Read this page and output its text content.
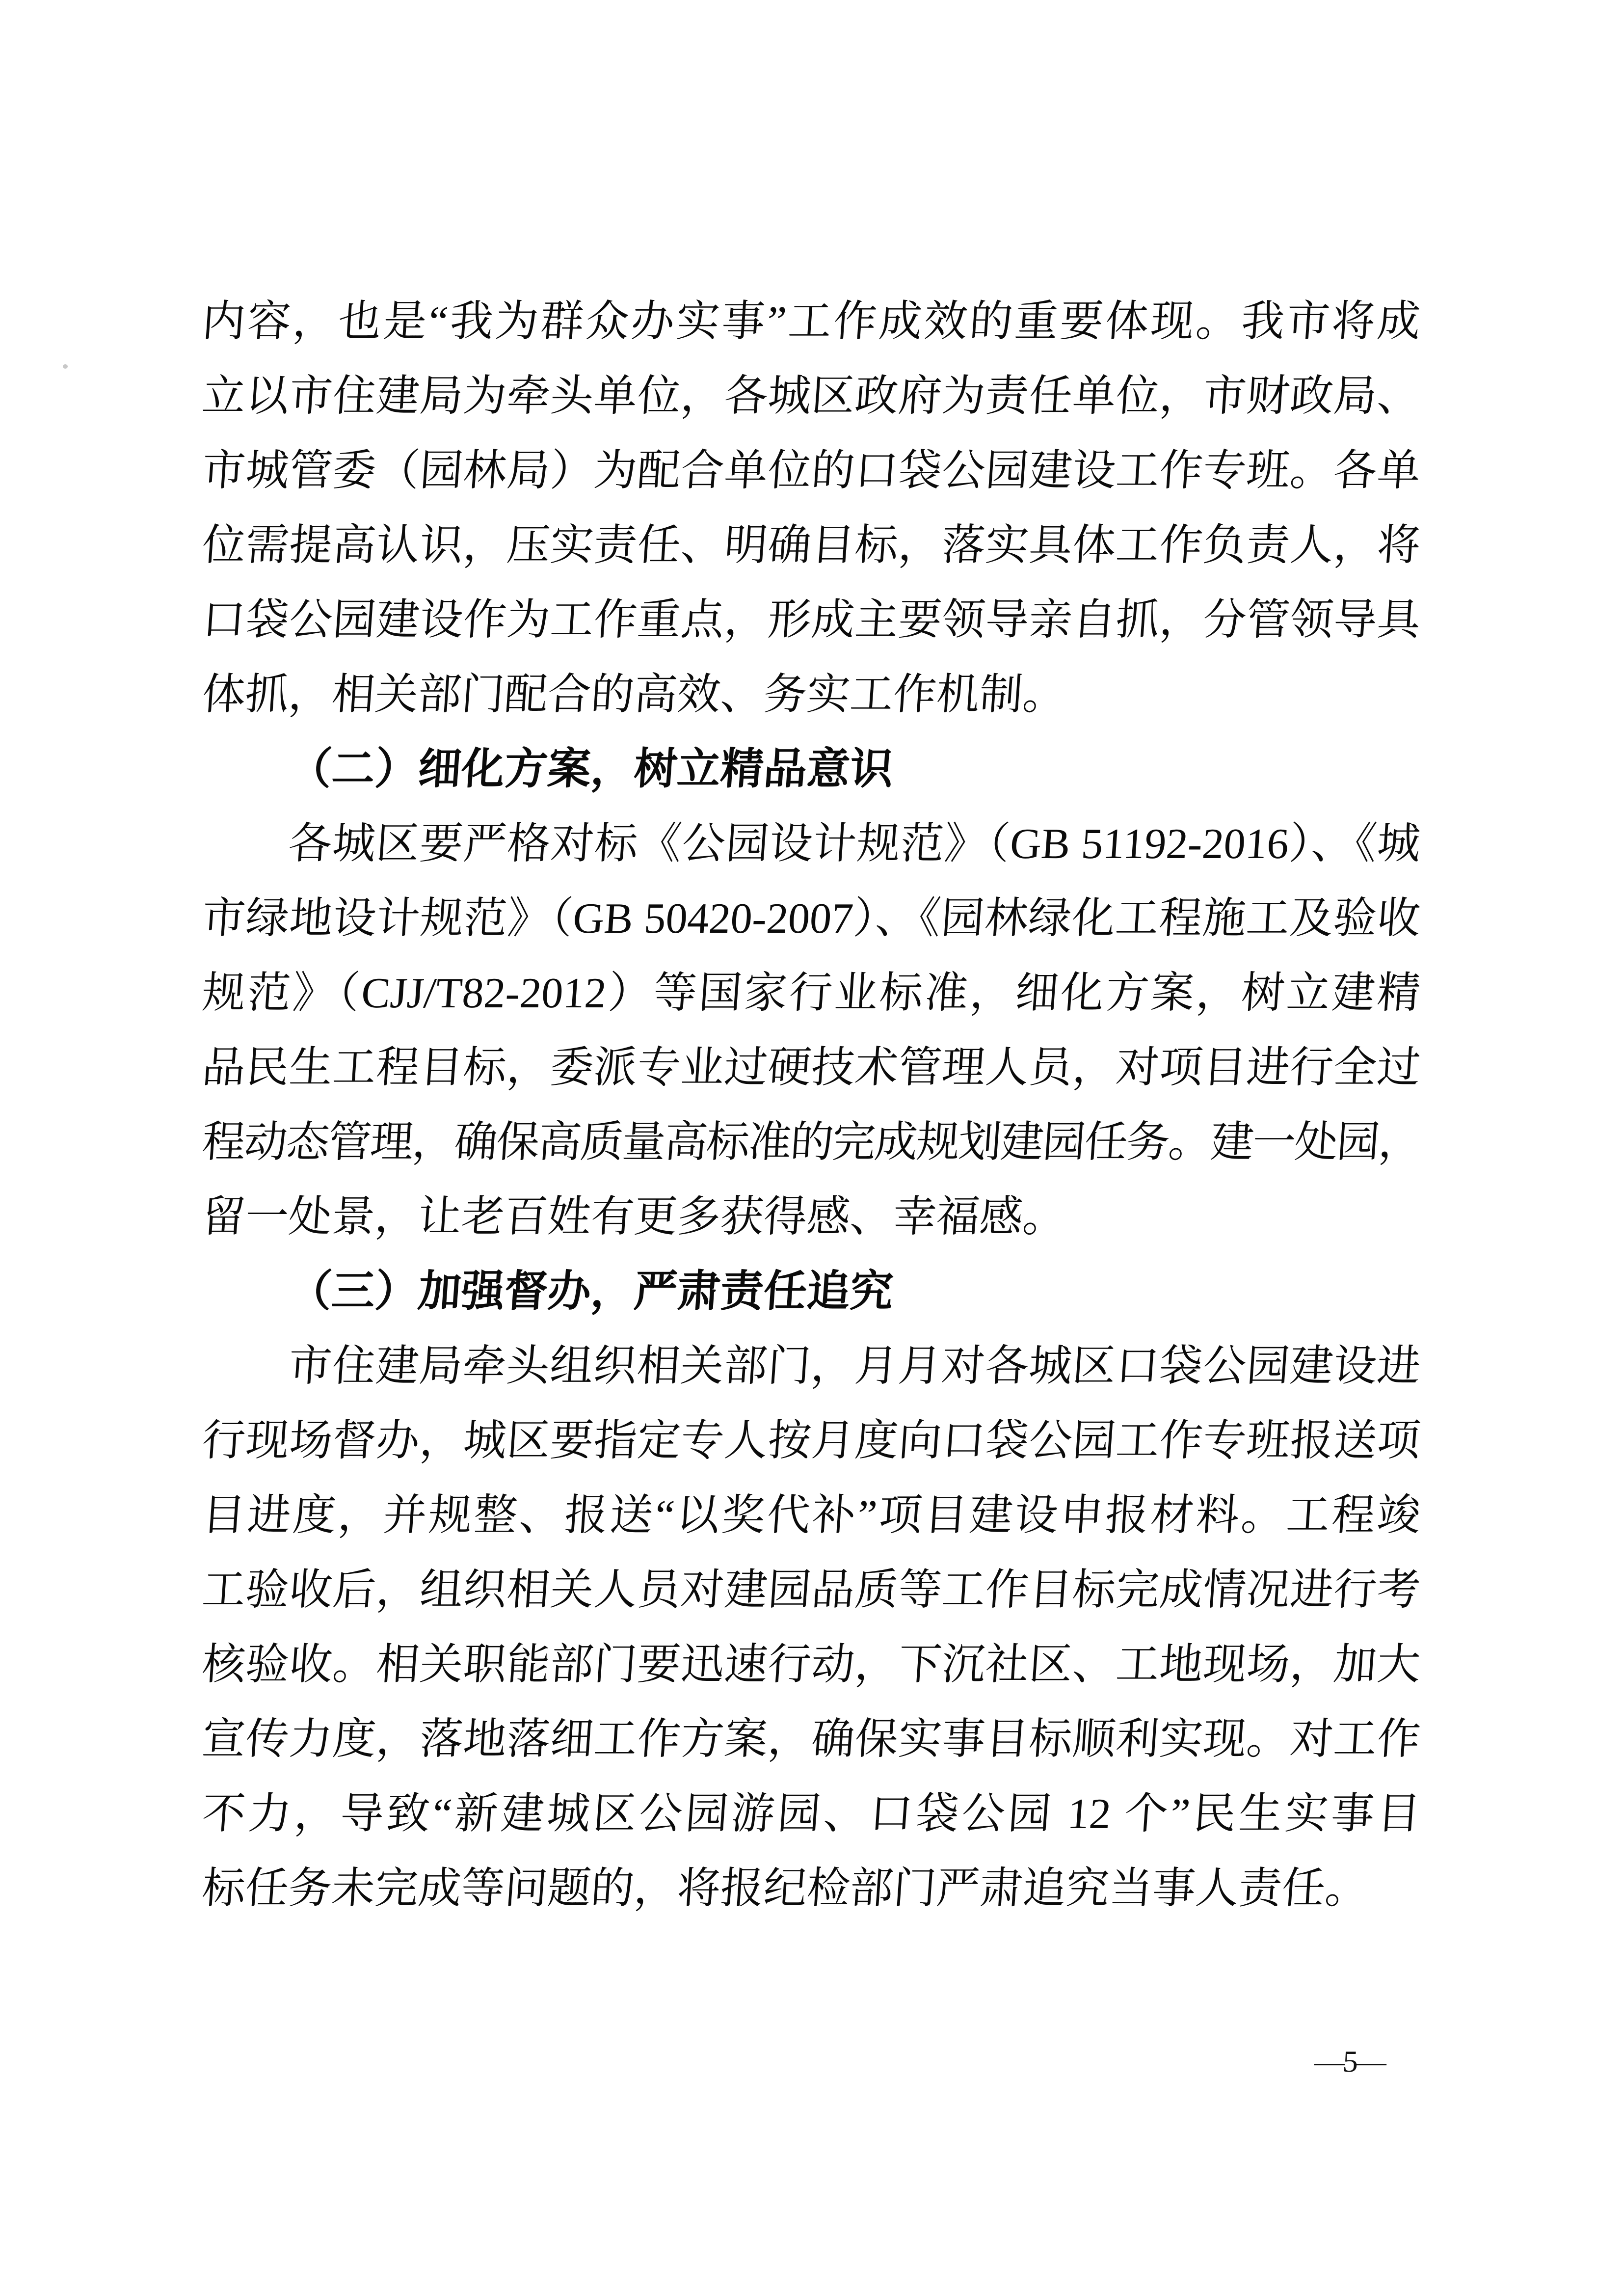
内容，也是“我为群众办实事”工作成效的重要体现。我市将成
立以市住建局为牵头单位，各城区政府为责任单位，市财政局、
市城管委（园林局）为配合单位的口袋公园建设工作专班。各单
位需提高认识，压实责任、明确目标，落实具体工作负责人，将
口袋公园建设作为工作重点，形成主要领导亲自抓，分管领导具
体抓，相关部门配合的高效、务实工作机制。
（二）细化方案，树立精品意识
各城区要严格对标《公园设计规范》（GB 51192-2016）、《城
市绿地设计规范》（GB 50420-2007）、《园林绿化工程施工及验收
规范》（CJJ/T82-2012）等国家行业标准，细化方案，树立建精
品民生工程目标，委派专业过硬技术管理人员，对项目进行全过
程动态管理，确保高质量高标准的完成规划建园任务。建一处园，
留一处景，让老百姓有更多获得感、幸福感。
（三）加强督办，严肃责任追究
市住建局牵头组织相关部门，月月对各城区口袋公园建设进
行现场督办，城区要指定专人按月度向口袋公园工作专班报送项
目进度，并规整、报送“以奖代补”项目建设申报材料。工程竣
工验收后，组织相关人员对建园品质等工作目标完成情况进行考
核验收。相关职能部门要迅速行动，下沉社区、工地现场，加大
宣传力度，落地落细工作方案，确保实事目标顺利实现。对工作
不力，导致“新建城区公园游园、口袋公园 12 个”民生实事目
标任务未完成等问题的，将报纪检部门严肃追究当事人责任。
—5—
